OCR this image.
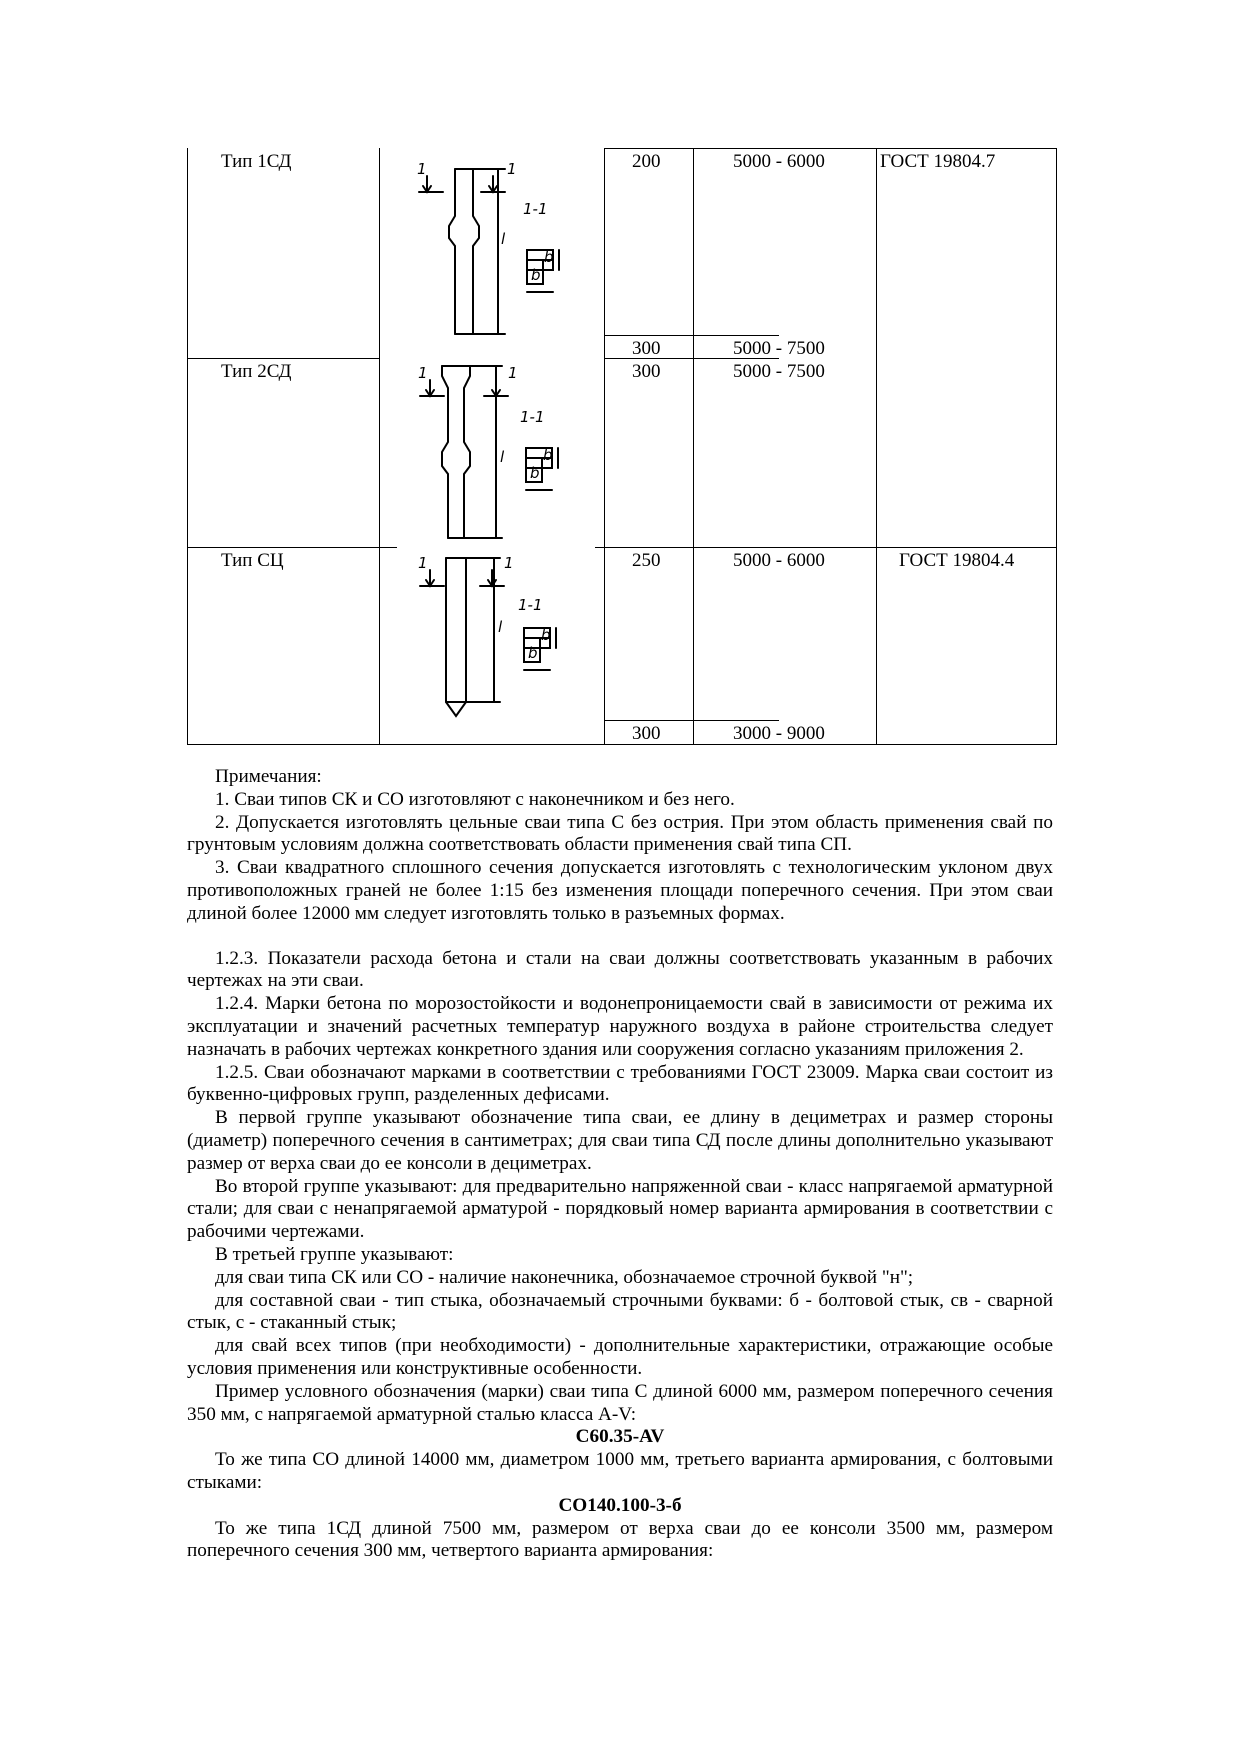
Тип 1СД	200	5000 - 6000	ГОСТ 19804.7
300	5000 - 7500
Тип 2СД	300	5000 - 7500
Тип СЦ	250	5000 - 6000	ГОСТ 19804.4
300	3000 - 9000
1	1
1-1
l
b
b
1	1
1-1
l	b
b
1	1
1-1
l	b
b

Примечания:

1. Сваи типов СК и СО изготовляют с наконечником и без него.

2. Допускается изготовлять цельные сваи типа С без острия. При этом область применения свай по грунтовым условиям должна соответствовать области применения свай типа СП.

3. Сваи квадратного сплошного сечения допускается изготовлять с технологическим уклоном двух противоположных граней не более 1:15 без изменения площади поперечного сечения. При этом сваи длиной более 12000 мм следует изготовлять только в разъемных формах.

1.2.3. Показатели расхода бетона и стали на сваи должны соответствовать указанным в рабочих чертежах на эти сваи.

1.2.4. Марки бетона по морозостойкости и водонепроницаемости свай в зависимости от режима их эксплуатации и значений расчетных температур наружного воздуха в районе строительства следует назначать в рабочих чертежах конкретного здания или сооружения согласно указаниям приложения 2.

1.2.5. Сваи обозначают марками в соответствии с требованиями ГОСТ 23009. Марка сваи состоит из буквенно-цифровых групп, разделенных дефисами.

В первой группе указывают обозначение типа сваи, ее длину в дециметрах и размер стороны (диаметр) поперечного сечения в сантиметрах; для сваи типа СД после длины дополнительно указывают размер от верха сваи до ее консоли в дециметрах.

Во второй группе указывают: для предварительно напряженной сваи - класс напрягаемой арматурной стали; для сваи с ненапрягаемой арматурой - порядковый номер варианта армирования в соответствии с рабочими чертежами.

В третьей группе указывают:

для сваи типа СК или СО - наличие наконечника, обозначаемое строчной буквой "н";

для составной сваи - тип стыка, обозначаемый строчными буквами: б - болтовой стык, св - сварной стык, с - стаканный стык;

для свай всех типов (при необходимости) - дополнительные характеристики, отражающие особые условия применения или конструктивные особенности.

Пример условного обозначения (марки) сваи типа С длиной 6000 мм, размером поперечного сечения 350 мм, с напрягаемой арматурной сталью класса A-V:

С60.35-AV

То же типа СО длиной 14000 мм, диаметром 1000 мм, третьего варианта армирования, с болтовыми стыками:

СО140.100-3-б

То же типа 1СД длиной 7500 мм, размером от верха сваи до ее консоли 3500 мм, размером поперечного сечения 300 мм, четвертого варианта армирования:
